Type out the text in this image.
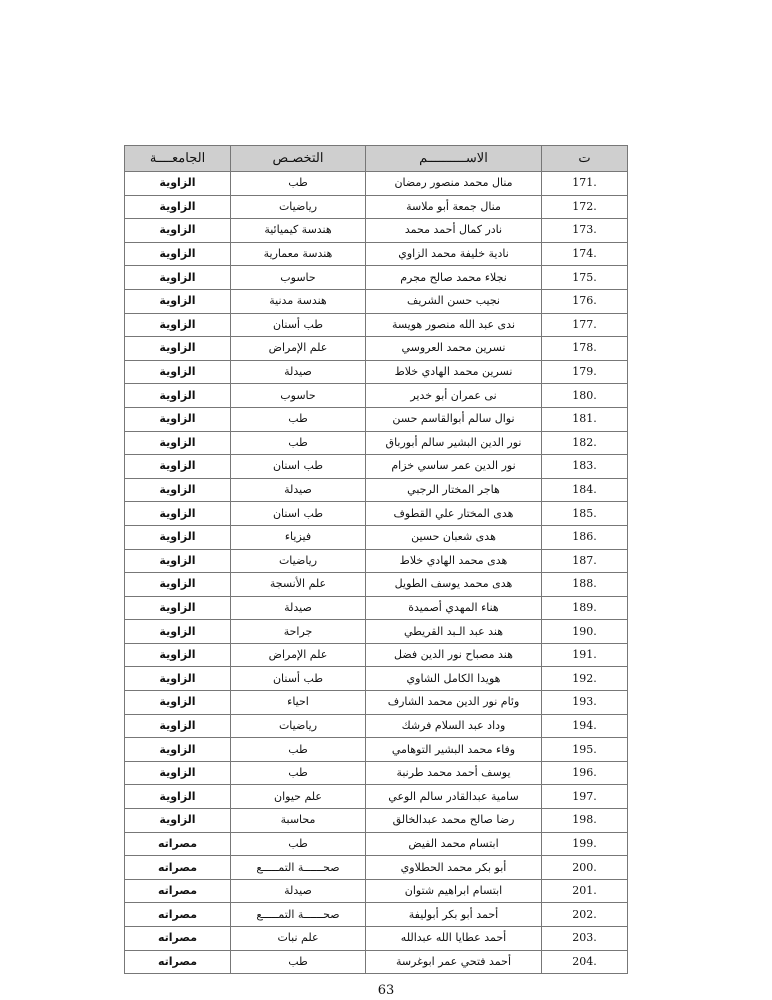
ت	الاســــــــــم	التخصـص	الجامعــــة
171.	منال محمد منصور رمضان	طب	الزاوية
172.	منال جمعة أبو ملاسة	رياضيات	الزاوية
173.	نادر كمال أحمد محمد	هندسة كيميائية	الزاوية
174.	نادية خليفة محمد الزاوي	هندسة معمارية	الزاوية
175.	نجلاء محمد صالح مجرم	حاسوب	الزاوية
176.	نجيب حسن الشريف	هندسة مدنية	الزاوية
177.	ندى عبد الله منصور هويسة	طب أسنان	الزاوية
178.	نسرين محمد العروسي	علم الإمراض	الزاوية
179.	نسرين محمد الهادي خلاط	صيدلة	الزاوية
180.	نى عمران أبو خدير	حاسوب	الزاوية
181.	نوال سالم أبوالقاسم حسن	طب	الزاوية
182.	نور الدين البشير سالم أبورباق	طب	الزاوية
183.	نور الدين عمر ساسي خزام	طب اسنان	الزاوية
184.	هاجر المختار الرجبي	صيدلة	الزاوية
185.	هدى المختار علي القطوف	طب اسنان	الزاوية
186.	هدى شعبان حسين	فيزياء	الزاوية
187.	هدى محمد الهادي خلاط	رياضيات	الزاوية
188.	هدى محمد يوسف الطويل	علم الأنسجة	الزاوية
189.	هناء المهدي أصميدة	صيدلة	الزاوية
190.	هند عبد الـبد القريطي	جراحة	الزاوية
191.	هند مصباح نور الدين فضل	علم الإمراض	الزاوية
192.	هويدا الكامل الشاوي	طب أسنان	الزاوية
193.	وئام نور الدين محمد الشارف	احياء	الزاوية
194.	وداد عبد السلام فرشك	رياضيات	الزاوية
195.	وفاء محمد البشير التوهامي	طب	الزاوية
196.	يوسف أحمد محمد طرنبة	طب	الزاوية
197.	سامية عبدالقادر سالم الوعي	علم حيوان	الزاوية
198.	رضا صالح محمد عبدالخالق	محاسبة	الزاوية
199.	ابتسام محمد الفيض	طب	مصراته
200.	أبو بكر محمد الحطلاوي	صحــــــة التمـــــع	مصراته
201.	ابتسام ابراهيم شتوان	صيدلة	مصراته
202.	أحمد أبو بكر أبوليفة	صحــــــة التمـــــع	مصراته
203.	أحمد عطايا الله عبدالله	علم نبات	مصراته
204.	أحمد فتحي عمر ابوغرسة	طب	مصراته
63
